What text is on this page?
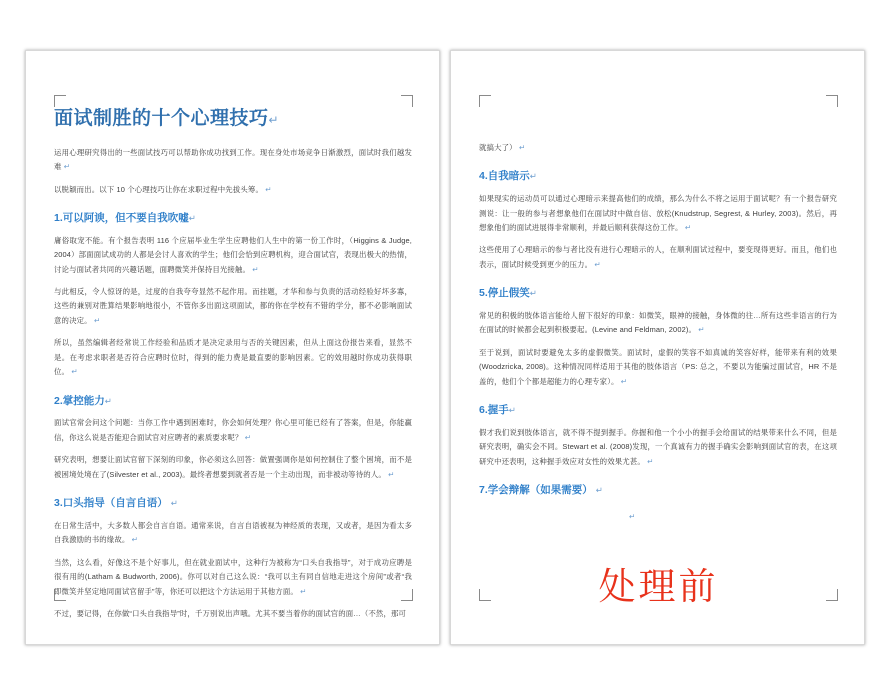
面试制胜的十个心理技巧↵

运用心理研究得出的一些面试技巧可以帮助你成功找到工作。现在身处市场竞争日渐激烈，面试时我们越发难 ↵

以脱颖而出。以下 10 个心理技巧让你在求职过程中先拔头筹。 ↵

1.可以阿谀，但不要自我吹嘘↵

庸俗取宠不能。有个报告表明 116 个应届毕业生学生应聘他们人生中的第一份工作时，（Higgins & Judge, 2004）部面面试成功的人都是会讨人喜欢的学生；他们会恰到应聘机构，迎合面试官，表现出极大的热情，讨论与面试者共同的兴趣话题，面聘微笑并保持目光接触。 ↵

与此相反，令人惊讶的是，过度的自我夸夸显然不起作用。而挂题，才华和参与负责的活动经验好坏多寡，这些的兼别对胜算结果影响地很小，不管你多出面这项面试，都的你在学校有不错的学分，都不必影响面试意的决定。 ↵

所以，虽然编辑者经常说工作经验和品质才是决定录用与否的关键因素，但从上面这份报告来看，显然不是。在考虑求职者是否符合应聘时位时，得到的能力费是最直要的影响因素。它的效用越时你成功获得职位。 ↵

2.掌控能力↵

面试官常会问这个问题：当你工作中遇到困难时，你会如何处理？你心里可能已经有了答案，但是，你能赢信，你这么说是否能迎合面试官对应聘者的素质要求呢？ ↵

研究表明，想要让面试官留下深刻的印象，你必须这么回答：做置强调你是如何控制住了整个困境，而不是被困境处境在了(Silvester et al., 2003)。最终者想要到就者否是一个主动出现，而非被动等待的人。 ↵

3.口头指导（自言自语） ↵

在日常生活中，大多数人都会自言自语。通常来说，自言自语被视为神经质的表现，又或者，是因为看太多自我激励的书的缘故。 ↵

当然，这么看，好像这不是个好事儿，但在就业面试中，这种行为被称为“口头自我指导”，对于成功应聘是很有用的(Latham & Budworth, 2006)。你可以对自己这么说：“我可以主有同自信地走进这个房间”或者“我即微笑并坚定地同面试官留手”等，你还可以把这个方法运用于其他方面。 ↵

不过，要记得，在你做“口头自我指导”时，千万别说出声哦。尤其不要当着你的面试官的面…（不然，那可

就搞大了） ↵

4.自我暗示↵

如果现实的运动员可以通过心理暗示来提高他们的成绩，那么为什么不将之运用于面试呢？有一个报告研究测说：让一般的参与者想象他们在面试时中做自信、放松(Knudstrup, Segrest, & Hurley, 2003)。然后，再想象他们的面试进展得非常顺利，并最后顺利获得这份工作。 ↵

这些使用了心理暗示的参与者比没有进行心理暗示的人，在顺利面试过程中，要变现得更好。而且，他们也表示，面试时候受到更少的压力。 ↵

5.停止假笑↵

常见的积极的肢体语言能给人留下很好的印象：如微笑，眼神的接触，身体微的往…所有这些非语言的行为在面试的时候都会起到积极要起。(Levine and Feldman, 2002)。 ↵

至于说到，面试时要避免太多的虚假微笑。面试时，虚假的笑容不如真诚的笑容好样，能带来有利的效果(Woodzricka, 2008)。这种情况同样适用于其他的肢体语言（PS: 总之，不要以为能骗过面试官，HR 不是盖的，他们个个都是超能力的心理专家）。 ↵

6.握手↵

假才我们说到肢体语言，就不得不提到握手。你握和他一个小小的握手会给面试的结果带来什么不同，但是研究表明，确实会不同。Stewart et al. (2008)发现，一个真诚有力的握手确实会影响到面试官的表，在这项研究中还表明，这种握手效应对女性的效果尤甚。 ↵

7.学会辩解（如果需要） ↵
↵
处理前
